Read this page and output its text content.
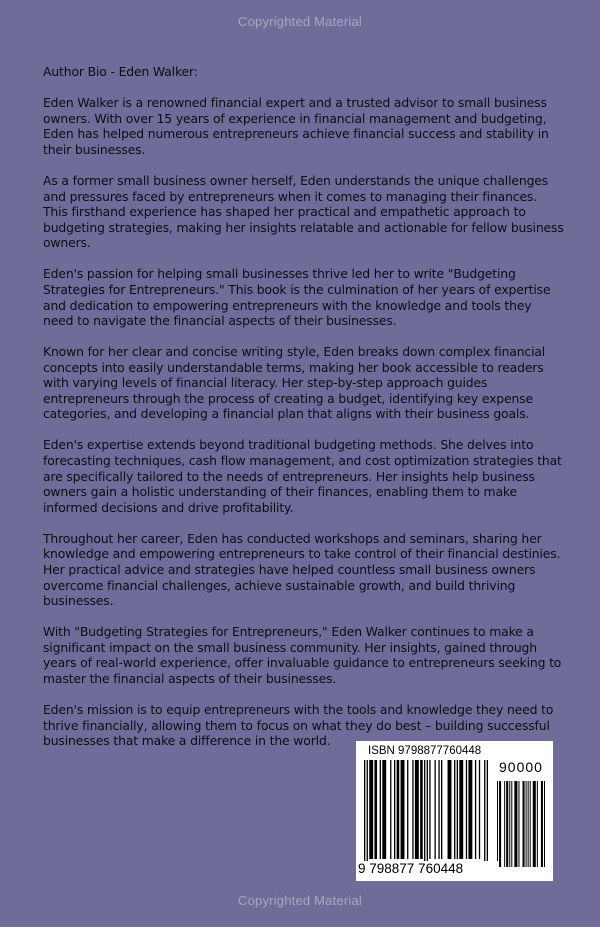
Copyrighted Material

Author Bio - Eden Walker:

Eden Walker is a renowned financial expert and a trusted advisor to small business owners. With over 15 years of experience in financial management and budgeting, Eden has helped numerous entrepreneurs achieve financial success and stability in their businesses.

As a former small business owner herself, Eden understands the unique challenges and pressures faced by entrepreneurs when it comes to managing their finances. This firsthand experience has shaped her practical and empathetic approach to budgeting strategies, making her insights relatable and actionable for fellow business owners.

Eden's passion for helping small businesses thrive led her to write "Budgeting Strategies for Entrepreneurs." This book is the culmination of her years of expertise and dedication to empowering entrepreneurs with the knowledge and tools they need to navigate the financial aspects of their businesses.

Known for her clear and concise writing style, Eden breaks down complex financial concepts into easily understandable terms, making her book accessible to readers with varying levels of financial literacy. Her step-by-step approach guides entrepreneurs through the process of creating a budget, identifying key expense categories, and developing a financial plan that aligns with their business goals.

Eden's expertise extends beyond traditional budgeting methods. She delves into forecasting techniques, cash flow management, and cost optimization strategies that are specifically tailored to the needs of entrepreneurs. Her insights help business owners gain a holistic understanding of their finances, enabling them to make informed decisions and drive profitability.

Throughout her career, Eden has conducted workshops and seminars, sharing her knowledge and empowering entrepreneurs to take control of their financial destinies. Her practical advice and strategies have helped countless small business owners overcome financial challenges, achieve sustainable growth, and build thriving businesses.

With "Budgeting Strategies for Entrepreneurs," Eden Walker continues to make a significant impact on the small business community. Her insights, gained through years of real-world experience, offer invaluable guidance to entrepreneurs seeking to master the financial aspects of their businesses.

Eden's mission is to equip entrepreneurs with the tools and knowledge they need to thrive financially, allowing them to focus on what they do best – building successful businesses that make a difference in the world.

ISBN 9798877760448
90000
9 798877 760448
Copyrighted Material
